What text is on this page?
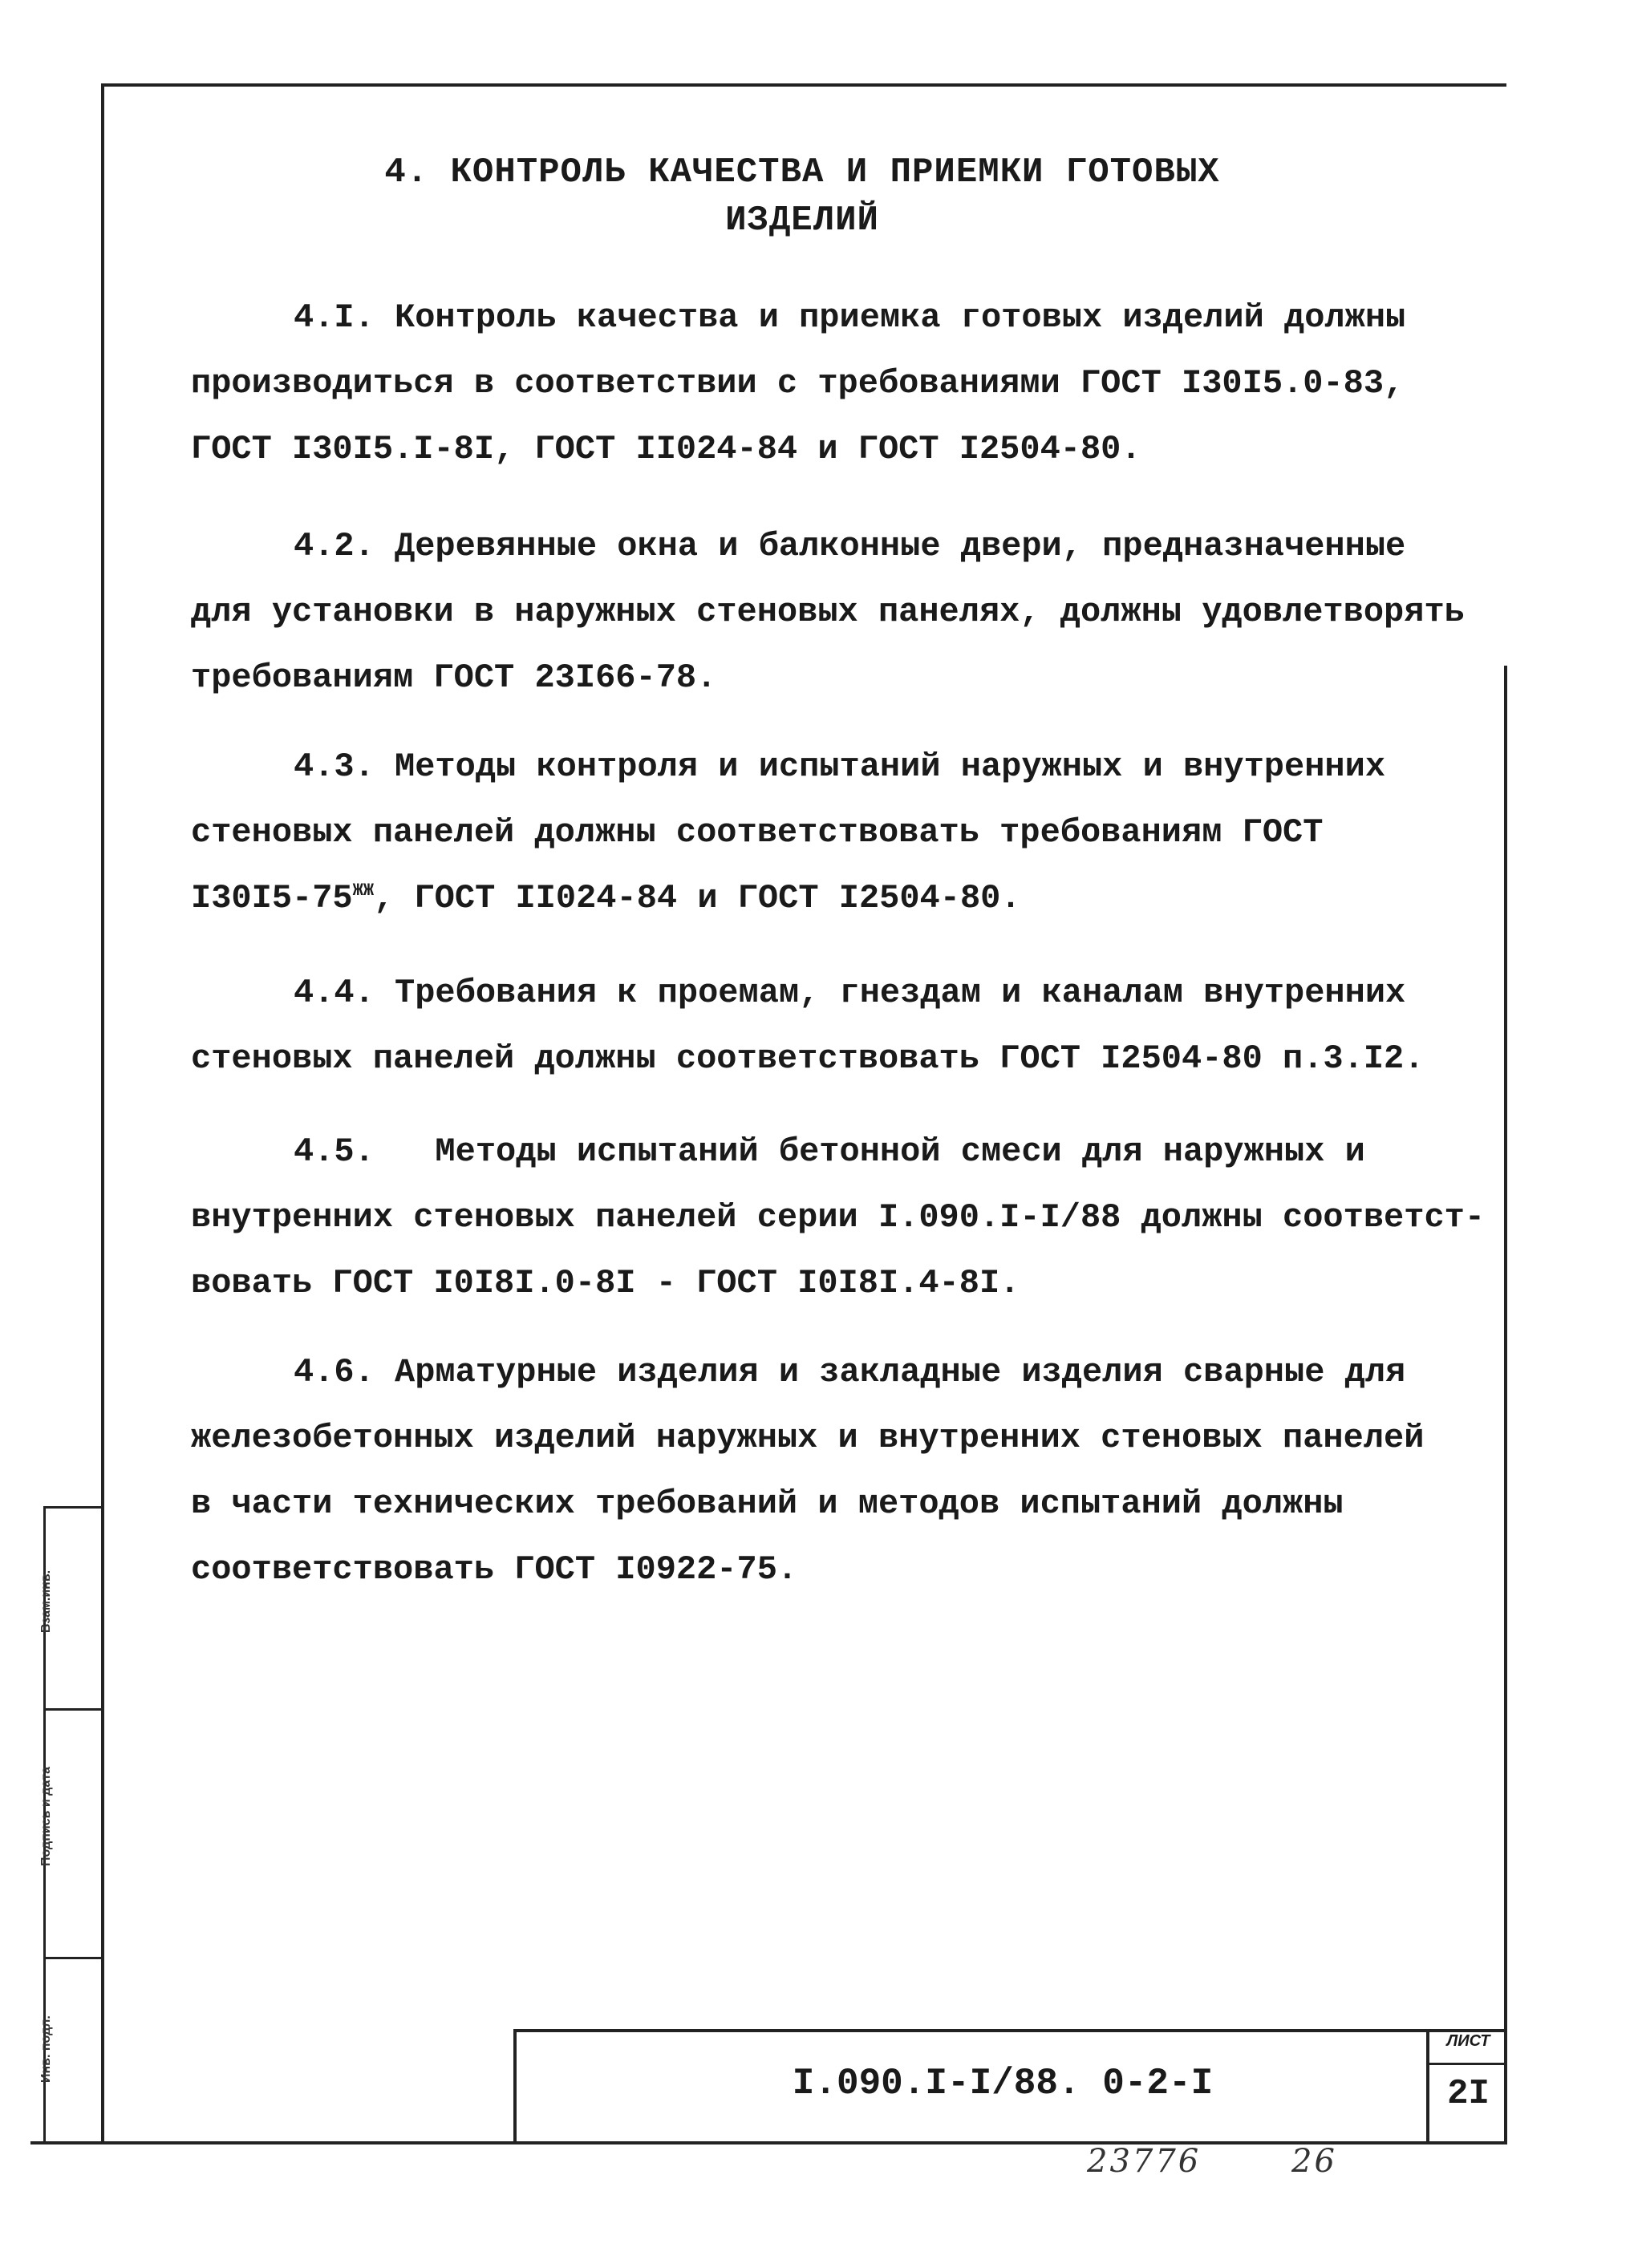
Взам.инв.
Подпись и дата
Инв. подл.
4. КОНТРОЛЬ КАЧЕСТВА И ПРИЕМКИ ГОТОВЫХ
ИЗДЕЛИЙ
4.I. Контроль качества и приемка готовых изделий должны
производиться в соответствии с требованиями ГОСТ I30I5.0-83,
ГОСТ I30I5.I-8I, ГОСТ II024-84 и ГОСТ I2504-80.
4.2. Деревянные окна и балконные двери, предназначенные
для установки в наружных стеновых панелях, должны удовлетворять
требованиям ГОСТ 23I66-78.
4.3. Методы контроля и испытаний наружных и внутренних
стеновых панелей должны соответствовать требованиям ГОСТ
$I30I5-75^{ЖЖ}$, ГОСТ II024-84 и ГОСТ I2504-80.
4.4. Требования к проемам, гнездам и каналам внутренних
стеновых панелей должны соответствовать ГОСТ I2504-80 п.3.I2.
4.5.   Методы испытаний бетонной смеси для наружных и
внутренних стеновых панелей серии I.090.I-I/88 должны соответст-
вовать ГОСТ I0I8I.0-8I - ГОСТ I0I8I.4-8I.
4.6. Арматурные изделия и закладные изделия сварные для
железобетонных изделий наружных и внутренних стеновых панелей
в части технических требований и методов испытаний должны
соответствовать ГОСТ I0922-75.
I.090.I-I/88. 0-2-I
ЛИСТ
2I
23776	26
